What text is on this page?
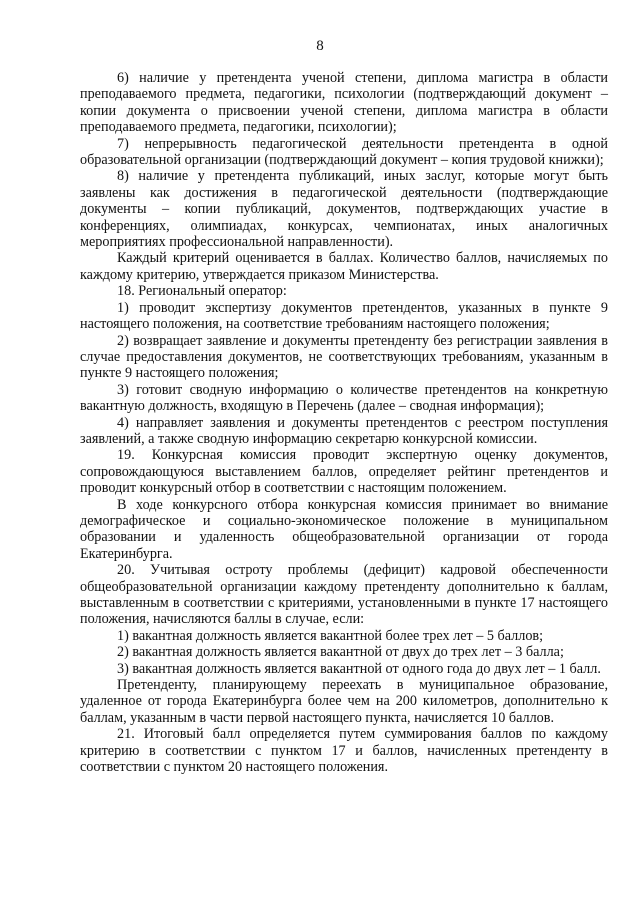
8

6) наличие у претендента ученой степени, диплома магистра в области преподаваемого предмета, педагогики, психологии (подтверждающий документ – копии документа о присвоении ученой степени, диплома магистра в области преподаваемого предмета, педагогики, психологии);

7) непрерывность педагогической деятельности претендента в одной образовательной организации (подтверждающий документ – копия трудовой книжки);

8) наличие у претендента публикаций, иных заслуг, которые могут быть заявлены как достижения в педагогической деятельности (подтверждающие документы – копии публикаций, документов, подтверждающих участие в конференциях, олимпиадах, конкурсах, чемпионатах, иных аналогичных мероприятиях профессиональной направленности).

Каждый критерий оценивается в баллах. Количество баллов, начисляемых по каждому критерию, утверждается приказом Министерства.

18. Региональный оператор:

1) проводит экспертизу документов претендентов, указанных в пункте 9 настоящего положения, на соответствие требованиям настоящего положения;

2) возвращает заявление и документы претенденту без регистрации заявления в случае предоставления документов, не соответствующих требованиям, указанным в пункте 9 настоящего положения;

3) готовит сводную информацию о количестве претендентов на конкретную вакантную должность, входящую в Перечень (далее – сводная информация);

4) направляет заявления и документы претендентов с реестром поступления заявлений, а также сводную информацию секретарю конкурсной комиссии.

19. Конкурсная комиссия проводит экспертную оценку документов, сопровождающуюся выставлением баллов, определяет рейтинг претендентов и проводит конкурсный отбор в соответствии с настоящим положением.

В ходе конкурсного отбора конкурсная комиссия принимает во внимание демографическое и социально-экономическое положение в муниципальном образовании и удаленность общеобразовательной организации от города Екатеринбурга.

20. Учитывая остроту проблемы (дефицит) кадровой обеспеченности общеобразовательной организации каждому претенденту дополнительно к баллам, выставленным в соответствии с критериями, установленными в пункте 17 настоящего положения, начисляются баллы в случае, если:

1) вакантная должность является вакантной более трех лет – 5 баллов;

2) вакантная должность является вакантной от двух до трех лет – 3 балла;

3) вакантная должность является вакантной от одного года до двух лет – 1 балл.

Претенденту, планирующему переехать в муниципальное образование, удаленное от города Екатеринбурга более чем на 200 километров, дополнительно к баллам, указанным в части первой настоящего пункта, начисляется 10 баллов.

21. Итоговый балл определяется путем суммирования баллов по каждому критерию в соответствии с пунктом 17 и баллов, начисленных претенденту в соответствии с пунктом 20 настоящего положения.
